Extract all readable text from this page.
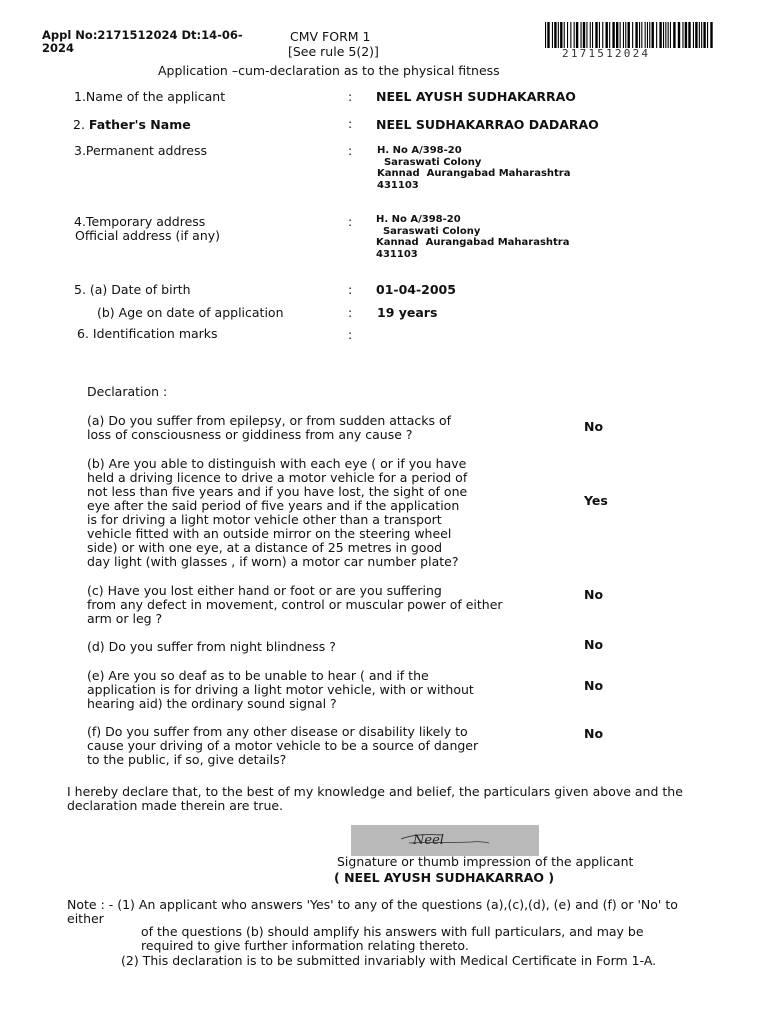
Appl No:2171512024 Dt:14-06-2024
CMV FORM 1
[See rule 5(2)]	2171512024
Application –cum-declaration as to the physical fitness
1.Name of the applicant	: NEEL AYUSH SUDHAKARRAO
2. Father's Name	: NEEL SUDHAKARRAO DADARAO
3.Permanent address	: H. No A/398-20
Saraswati Colony
Kannad  Aurangabad Maharashtra
431103
4.Temporary address
Official address (if any)
: H. No A/398-20
Saraswati Colony
Kannad  Aurangabad Maharashtra
431103
5. (a) Date of birth	: 01-04-2005
(b) Age on date of application	: 19 years
6. Identification marks	:
Declaration :
(a) Do you suffer from epilepsy, or from sudden attacks of
loss of consciousness or giddiness from any cause ?
No
(b) Are you able to distinguish with each eye ( or if you have
held a driving licence to drive a motor vehicle for a period of
not less than five years and if you have lost, the sight of one
eye after the said period of five years and if the application
is for driving a light motor vehicle other than a transport
vehicle fitted with an outside mirror on the steering wheel
side) or with one eye, at a distance of 25 metres in good
day light (with glasses , if worn) a motor car number plate?
Yes
(c) Have you lost either hand or foot or are you suffering
from any defect in movement, control or muscular power of either
arm or leg ?
No
(d) Do you suffer from night blindness ?	No
(e) Are you so deaf as to be unable to hear ( and if the
application is for driving a light motor vehicle, with or without
hearing aid) the ordinary sound signal ?
No
(f) Do you suffer from any other disease or disability likely to
cause your driving of a motor vehicle to be a source of danger
to the public, if so, give details?
No
I hereby declare that, to the best of my knowledge and belief, the particulars given above and the declaration made therein are true.
Neel
Signature or thumb impression of the applicant
( NEEL AYUSH SUDHAKARRAO )
Note : - (1) An applicant who answers 'Yes' to any of the questions (a),(c),(d), (e) and (f) or 'No' to either
of the questions (b) should amplify his answers with full particulars, and may be
required to give further information relating thereto.
(2) This declaration is to be submitted invariably with Medical Certificate in Form 1-A.
